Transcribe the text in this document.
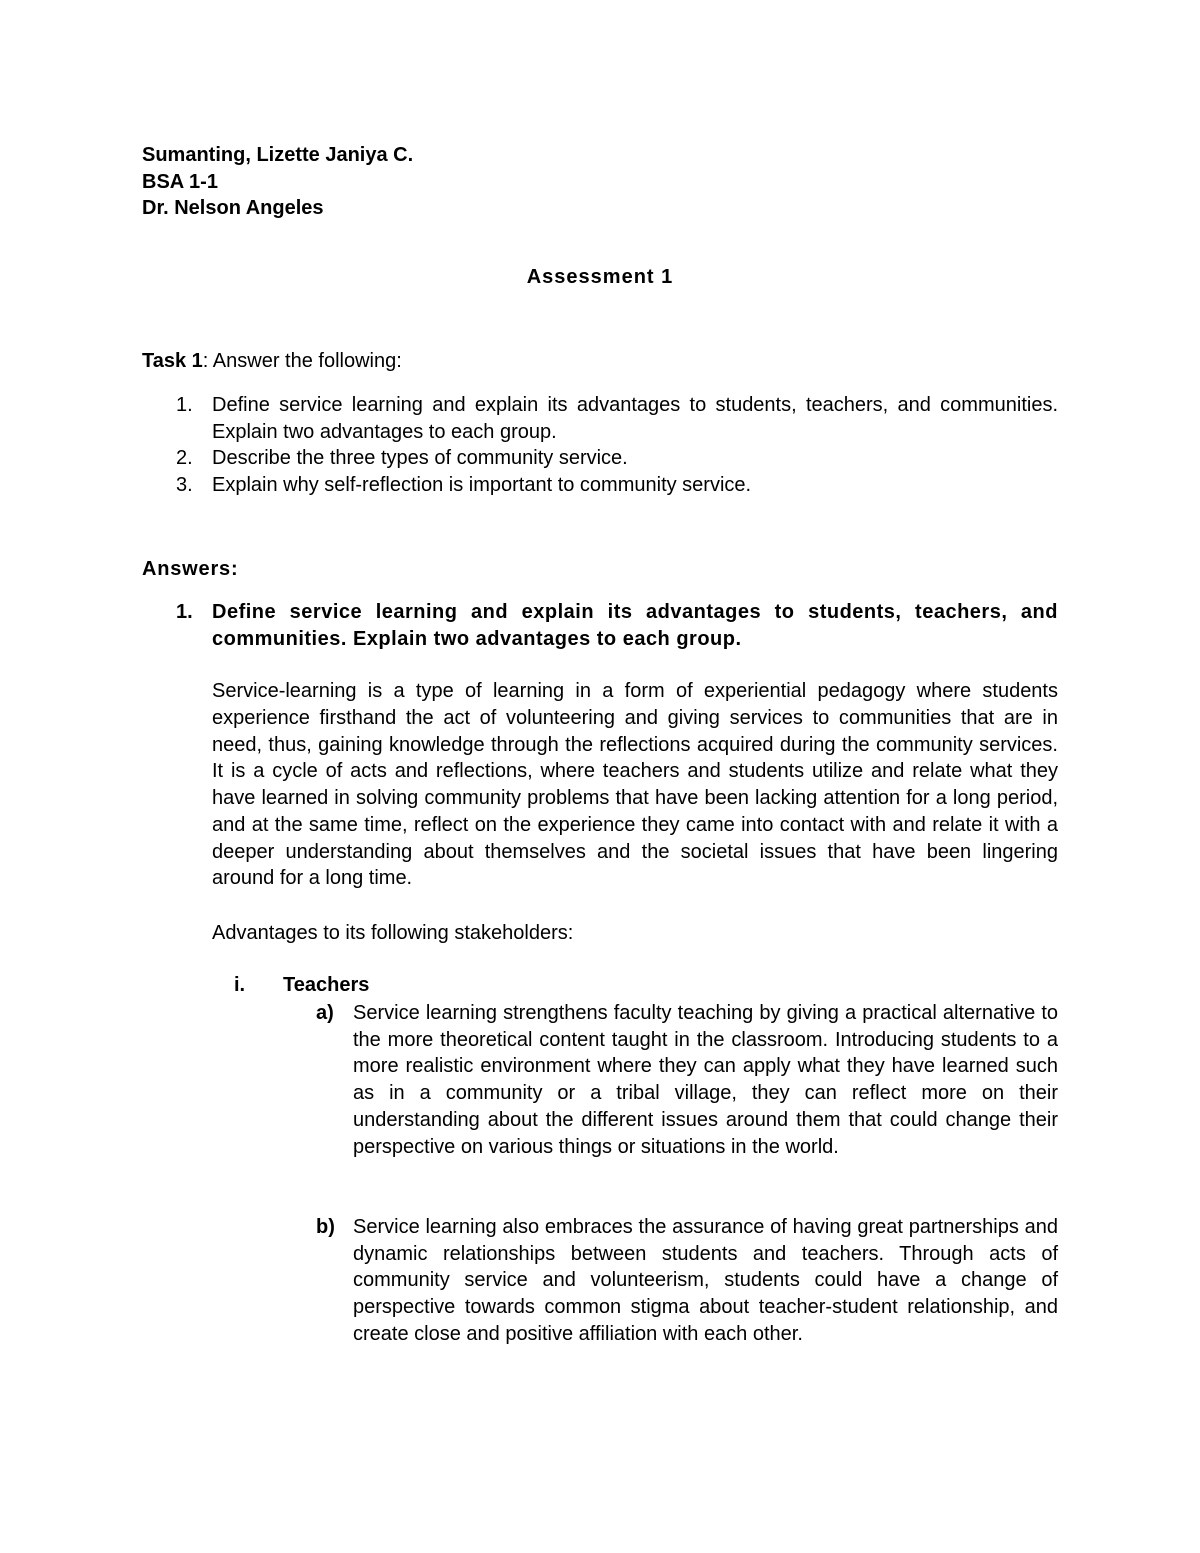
Sumanting, Lizette Janiya C.
BSA 1-1
Dr. Nelson Angeles
Assessment 1
Task 1: Answer the following:
1. Define service learning and explain its advantages to students, teachers, and communities. Explain two advantages to each group.
2. Describe the three types of community service.
3. Explain why self-reflection is important to community service.
Answers:
1. Define service learning and explain its advantages to students, teachers, and communities. Explain two advantages to each group.
Service-learning is a type of learning in a form of experiential pedagogy where students experience firsthand the act of volunteering and giving services to communities that are in need, thus, gaining knowledge through the reflections acquired during the community services. It is a cycle of acts and reflections, where teachers and students utilize and relate what they have learned in solving community problems that have been lacking attention for a long period, and at the same time, reflect on the experience they came into contact with and relate it with a deeper understanding about themselves and the societal issues that have been lingering around for a long time.
Advantages to its following stakeholders:
i. Teachers
a) Service learning strengthens faculty teaching by giving a practical alternative to the more theoretical content taught in the classroom. Introducing students to a more realistic environment where they can apply what they have learned such as in a community or a tribal village, they can reflect more on their understanding about the different issues around them that could change their perspective on various things or situations in the world.
b) Service learning also embraces the assurance of having great partnerships and dynamic relationships between students and teachers. Through acts of community service and volunteerism, students could have a change of perspective towards common stigma about teacher-student relationship, and create close and positive affiliation with each other.
